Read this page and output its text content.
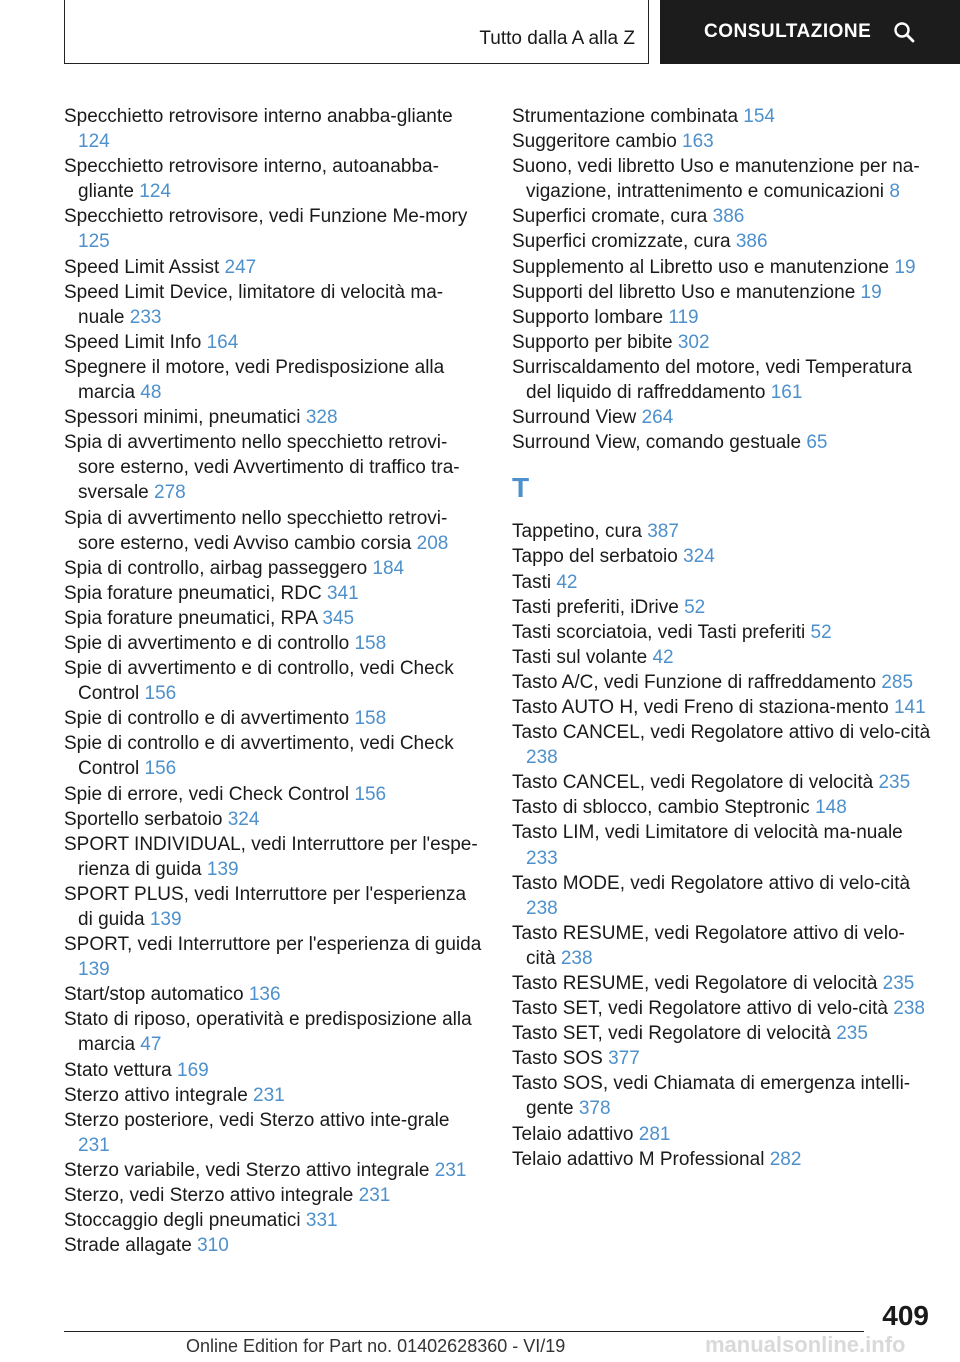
Tutto dalla A alla Z	CONSULTAZIONE
Specchietto retrovisore interno anabba-gliante 124
Specchietto retrovisore interno, autoanabba-gliante 124
Specchietto retrovisore, vedi Funzione Me-mory 125
Speed Limit Assist 247
Speed Limit Device, limitatore di velocità ma-nuale 233
Speed Limit Info 164
Spegnere il motore, vedi Predisposizione alla marcia 48
Spessori minimi, pneumatici 328
Spia di avvertimento nello specchietto retrovi-sore esterno, vedi Avvertimento di traffico tra-sversale 278
Spia di avvertimento nello specchietto retrovi-sore esterno, vedi Avviso cambio corsia 208
Spia di controllo, airbag passeggero 184
Spia forature pneumatici, RDC 341
Spia forature pneumatici, RPA 345
Spie di avvertimento e di controllo 158
Spie di avvertimento e di controllo, vedi Check Control 156
Spie di controllo e di avvertimento 158
Spie di controllo e di avvertimento, vedi Check Control 156
Spie di errore, vedi Check Control 156
Sportello serbatoio 324
SPORT INDIVIDUAL, vedi Interruttore per l'espe-rienza di guida 139
SPORT PLUS, vedi Interruttore per l'esperienza di guida 139
SPORT, vedi Interruttore per l'esperienza di guida 139
Start/stop automatico 136
Stato di riposo, operatività e predisposizione alla marcia 47
Stato vettura 169
Sterzo attivo integrale 231
Sterzo posteriore, vedi Sterzo attivo inte-grale 231
Sterzo variabile, vedi Sterzo attivo integrale 231
Sterzo, vedi Sterzo attivo integrale 231
Stoccaggio degli pneumatici 331
Strade allagate 310
Strumentazione combinata 154
Suggeritore cambio 163
Suono, vedi libretto Uso e manutenzione per na-vigazione, intrattenimento e comunicazioni 8
Superfici cromate, cura 386
Superfici cromizzate, cura 386
Supplemento al Libretto uso e manutenzione 19
Supporti del libretto Uso e manutenzione 19
Supporto lombare 119
Supporto per bibite 302
Surriscaldamento del motore, vedi Temperatura del liquido di raffreddamento 161
Surround View 264
Surround View, comando gestuale 65
T
Tappetino, cura 387
Tappo del serbatoio 324
Tasti 42
Tasti preferiti, iDrive 52
Tasti scorciatoia, vedi Tasti preferiti 52
Tasti sul volante 42
Tasto A/C, vedi Funzione di raffreddamento 285
Tasto AUTO H, vedi Freno di staziona-mento 141
Tasto CANCEL, vedi Regolatore attivo di velo-cità 238
Tasto CANCEL, vedi Regolatore di velocità 235
Tasto di sblocco, cambio Steptronic 148
Tasto LIM, vedi Limitatore di velocità ma-nuale 233
Tasto MODE, vedi Regolatore attivo di velo-cità 238
Tasto RESUME, vedi Regolatore attivo di velo-cità 238
Tasto RESUME, vedi Regolatore di velocità 235
Tasto SET, vedi Regolatore attivo di velo-cità 238
Tasto SET, vedi Regolatore di velocità 235
Tasto SOS 377
Tasto SOS, vedi Chiamata di emergenza intelli-gente 378
Telaio adattivo 281
Telaio adattivo M Professional 282
409
Online Edition for Part no. 01402628360 - VI/19	manualsonline.info
